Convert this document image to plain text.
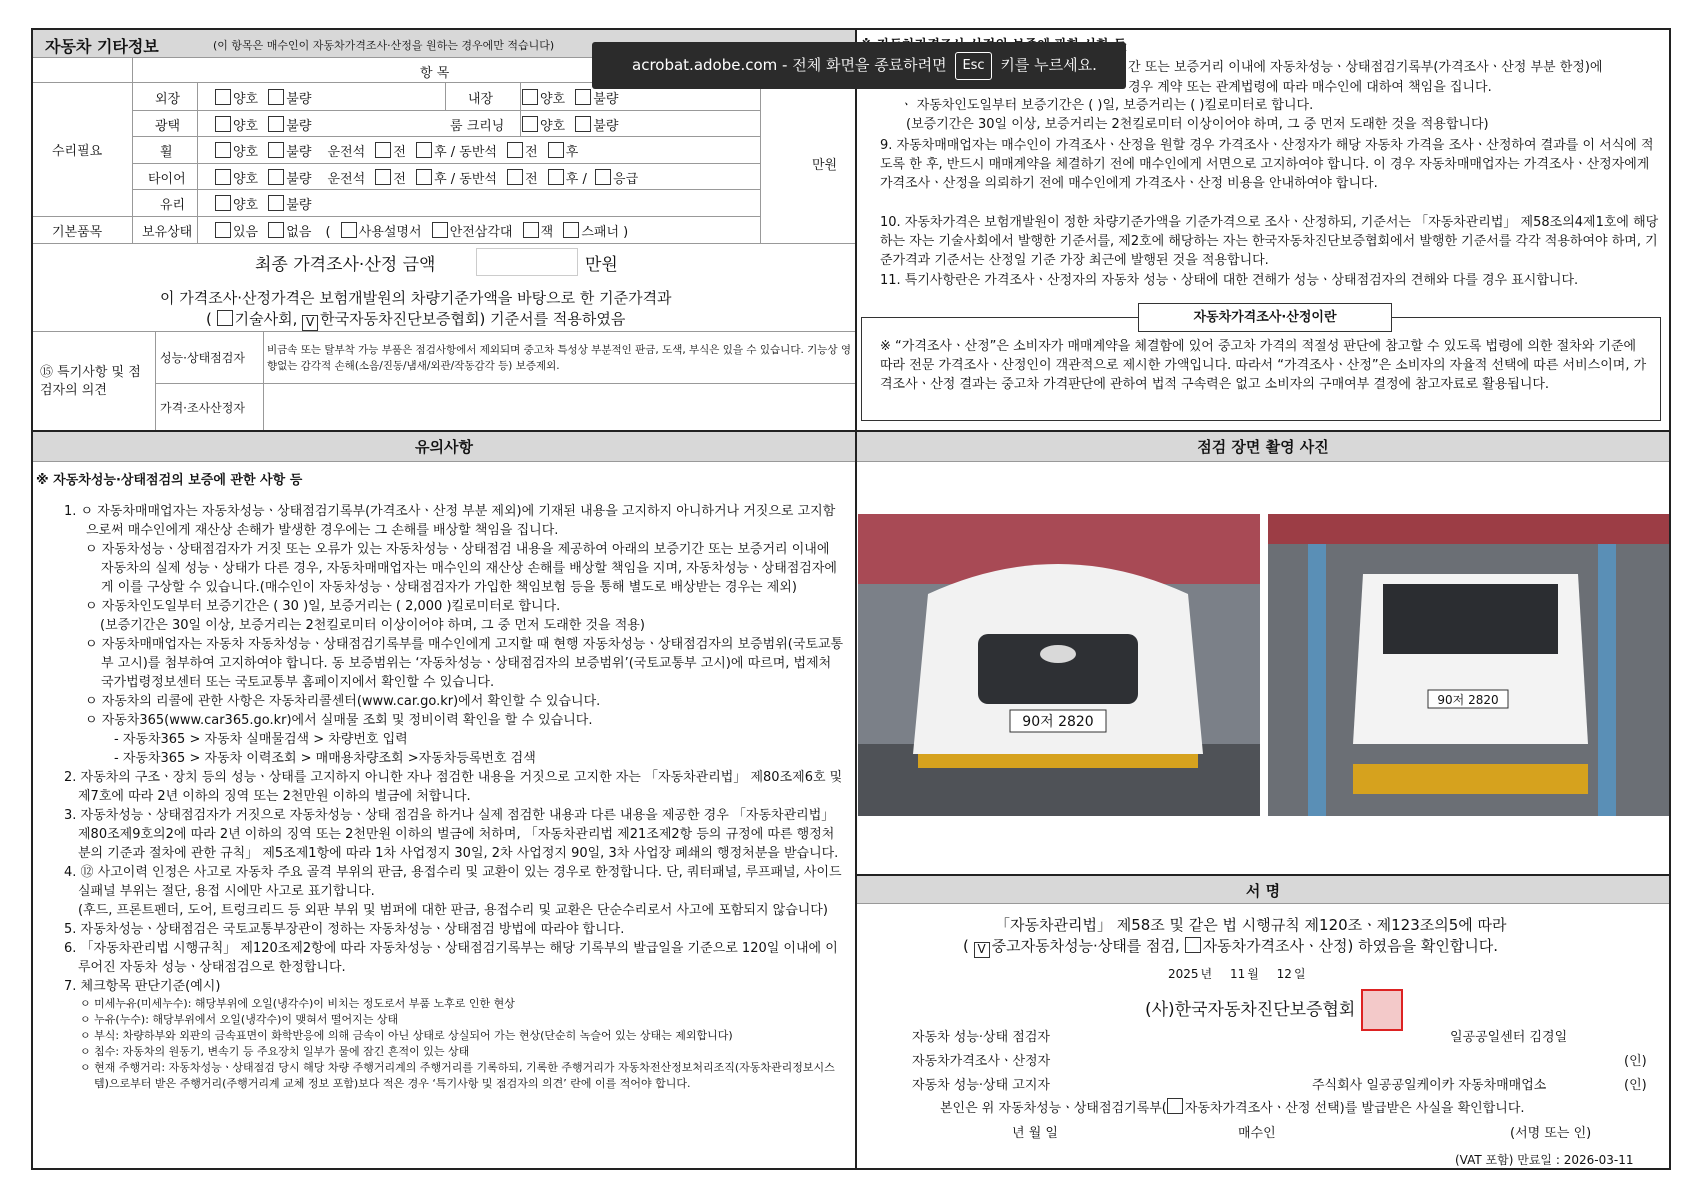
자동차 기타정보	(이 항목은 매수인이 자동차가격조사·산정을 원하는 경우에만 적습니다)
항 목
수리필요
만원
외장	양호 불량	내장	양호 불량
광택	양호 불량	룸 크리닝	양호 불량
휠	양호 불량 운전석 전 후 / 동반석 전 후
타이어	양호 불량 운전석 전 후 / 동반석 전 후 / 응급
유리	양호 불량
기본품목	보유상태	있음 없음 ( 사용설명서 안전삼각대 잭 스패너 )
최종 가격조사·산정 금액	만원
이 가격조사·산정가격은 보험개발원의 차량기준가액을 바탕으로 한 기준가격과
( 기술사회, V 한국자동차진단보증협회) 기준서를 적용하였음
⑮ 특기사항 및 점검자의 의견
성능·상태점검자
비금속 또는 탈부착 가능 부품은 점검사항에서 제외되며 중고차 특성상 부분적인 판금, 도색, 부식은 있을 수 있습니다. 기능상 영향없는 감각적 손해(소음/진동/냄새/외관/작동감각 등) 보증제외.
가격·조사산정자
간 또는 보증거리 이내에 자동차성능ㆍ상태점검기록부(가격조사ㆍ산정 부분 한정)에
경우 계약 또는 관계법령에 따라 매수인에 대하여 책임을 집니다.
ㆍ 자동차인도일부터 보증기간은 ( )일, 보증거리는 ( )킬로미터로 합니다.
(보증기간은 30일 이상, 보증거리는 2천킬로미터 이상이어야 하며, 그 중 먼저 도래한 것을 적용합니다)
9. 자동차매매업자는 매수인이 가격조사ㆍ산정을 원할 경우 가격조사ㆍ산정자가 해당 자동차 가격을 조사ㆍ산정하여 결과를 이 서식에 적도록 한 후, 반드시 매매계약을 체결하기 전에 매수인에게 서면으로 고지하여야 합니다. 이 경우 자동차매매업자는 가격조사ㆍ산정자에게 가격조사ㆍ산정을 의뢰하기 전에 매수인에게 가격조사ㆍ산정 비용을 안내하여야 합니다.
10. 자동차가격은 보험개발원이 정한 차량기준가액을 기준가격으로 조사ㆍ산정하되, 기준서는 「자동차관리법」 제58조의4제1호에 해당하는 자는 기술사회에서 발행한 기준서를, 제2호에 해당하는 자는 한국자동차진단보증협회에서 발행한 기준서를 각각 적용하여야 하며, 기준가격과 기준서는 산정일 기준 가장 최근에 발행된 것을 적용합니다.
11. 특기사항란은 가격조사ㆍ산정자의 자동차 성능ㆍ상태에 대한 견해가 성능ㆍ상태점검자의 견해와 다를 경우 표시합니다.
자동차가격조사·산정이란
※ “가격조사ㆍ산정”은 소비자가 매매계약을 체결함에 있어 중고차 가격의 적절성 판단에 참고할 수 있도록 법령에 의한 절차와 기준에 따라 전문 가격조사ㆍ산정인이 객관적으로 제시한 가액입니다. 따라서 “가격조사ㆍ산정”은 소비자의 자율적 선택에 따른 서비스이며, 가격조사ㆍ산정 결과는 중고차 가격판단에 관하여 법적 구속력은 없고 소비자의 구매여부 결정에 참고자료로 활용됩니다.
유의사항
※ 자동차성능·상태점검의 보증에 관한 사항 등
1. ㅇ 자동차매매업자는 자동차성능ㆍ상태점검기록부(가격조사ㆍ산정 부분 제외)에 기재된 내용을 고지하지 아니하거나 거짓으로 고지함으로써 매수인에게 재산상 손해가 발생한 경우에는 그 손해를 배상할 책임을 집니다.
ㅇ 자동차성능ㆍ상태점검자가 거짓 또는 오류가 있는 자동차성능ㆍ상태점검 내용을 제공하여 아래의 보증기간 또는 보증거리 이내에 자동차의 실제 성능ㆍ상태가 다른 경우, 자동차매매업자는 매수인의 재산상 손해를 배상할 책임을 지며, 자동차성능ㆍ상태점검자에게 이를 구상할 수 있습니다.(매수인이 자동차성능ㆍ상태점검자가 가입한 책임보험 등을 통해 별도로 배상받는 경우는 제외)
ㅇ 자동차인도일부터 보증기간은 ( 30 )일, 보증거리는 ( 2,000 )킬로미터로 합니다.
(보증기간은 30일 이상, 보증거리는 2천킬로미터 이상이어야 하며, 그 중 먼저 도래한 것을 적용)
ㅇ 자동차매매업자는 자동차 자동차성능ㆍ상태점검기록부를 매수인에게 고지할 때 현행 자동차성능ㆍ상태점검자의 보증범위(국토교통부 고시)를 첨부하여 고지하여야 합니다. 동 보증범위는 ‘자동차성능ㆍ상태점검자의 보증범위’(국토교통부 고시)에 따르며, 법제처 국가법령정보센터 또는 국토교통부 홈페이지에서 확인할 수 있습니다.
ㅇ 자동차의 리콜에 관한 사항은 자동차리콜센터(www.car.go.kr)에서 확인할 수 있습니다.
ㅇ 자동차365(www.car365.go.kr)에서 실매물 조회 및 정비이력 확인을 할 수 있습니다.
- 자동차365 > 자동차 실매물검색 > 차량번호 입력
- 자동차365 > 자동차 이력조회 > 매매용차량조회 >자동차등록번호 검색
2. 자동차의 구조ㆍ장치 등의 성능ㆍ상태를 고지하지 아니한 자나 점검한 내용을 거짓으로 고지한 자는 「자동차관리법」 제80조제6호 및 제7호에 따라 2년 이하의 징역 또는 2천만원 이하의 벌금에 처합니다.
3. 자동차성능ㆍ상태점검자가 거짓으로 자동차성능ㆍ상태 점검을 하거나 실제 점검한 내용과 다른 내용을 제공한 경우 「자동차관리법」 제80조제9호의2에 따라 2년 이하의 징역 또는 2천만원 이하의 벌금에 처하며, 「자동차관리법 제21조제2항 등의 규정에 따른 행정처분의 기준과 절차에 관한 규칙」 제5조제1항에 따라 1차 사업정지 30일, 2차 사업정지 90일, 3차 사업장 폐쇄의 행정처분을 받습니다.
4. ⑫ 사고이력 인정은 사고로 자동차 주요 골격 부위의 판금, 용접수리 및 교환이 있는 경우로 한정합니다. 단, 쿼터패널, 루프패널, 사이드실패널 부위는 절단, 용접 시에만 사고로 표기합니다.
(후드, 프론트펜더, 도어, 트렁크리드 등 외판 부위 및 범퍼에 대한 판금, 용접수리 및 교환은 단순수리로서 사고에 포함되지 않습니다)
5. 자동차성능ㆍ상태점검은 국토교통부장관이 정하는 자동차성능ㆍ상태점검 방법에 따라야 합니다.
6. 「자동차관리법 시행규칙」 제120조제2항에 따라 자동차성능ㆍ상태점검기록부는 해당 기록부의 발급일을 기준으로 120일 이내에 이루어진 자동차 성능ㆍ상태점검으로 한정합니다.
7. 체크항목 판단기준(예시)
ㅇ 미세누유(미세누수): 해당부위에 오일(냉각수)이 비치는 정도로서 부품 노후로 인한 현상
ㅇ 누유(누수): 해당부위에서 오일(냉각수)이 맺혀서 떨어지는 상태
ㅇ 부식: 차량하부와 외판의 금속표면이 화학반응에 의해 금속이 아닌 상태로 상실되어 가는 현상(단순히 녹슬어 있는 상태는 제외합니다)
ㅇ 침수: 자동차의 원동기, 변속기 등 주요장치 일부가 물에 잠긴 흔적이 있는 상태
ㅇ 현재 주행거리: 자동차성능ㆍ상태점검 당시 해당 차량 주행거리계의 주행거리를 기록하되, 기록한 주행거리가 자동차전산정보처리조직(자동차관리정보시스템)으로부터 받은 주행거리(주행거리계 교체 정보 포함)보다 적은 경우 ‘특기사항 및 점검자의 의견’ 란에 이를 적어야 합니다.
점검 장면 촬영 사진
90저 2820
90저 2820
서 명
「자동차관리법」 제58조 및 같은 법 시행규칙 제120조ㆍ제123조의5에 따라
( V 중고자동차성능·상태를 점검, 자동차가격조사ㆍ산정) 하였음을 확인합니다.
2025 년 11 월 12 일
(사)한국자동차진단보증협회
자동차 성능·상태 점검자	일공공일센터 김경일
자동차가격조사ㆍ산정자	(인)
자동차 성능·상태 고지자	주식회사 일공공일케이카 자동차매매업소	(인)
본인은 위 자동차성능ㆍ상태점검기록부( 자동차가격조사ㆍ산정 선택)를 발급받은 사실을 확인합니다.
년 월 일	매수인	(서명 또는 인)
(VAT 포함) 만료일 : 2026-03-11
acrobat.adobe.com - 전체 화면을 종료하려면 Esc 키를 누르세요.
